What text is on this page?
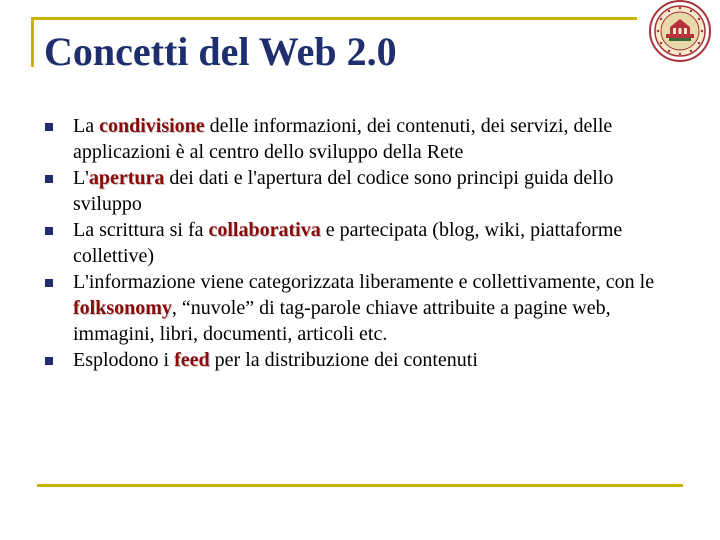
Concetti del Web 2.0
La condivisione delle informazioni, dei contenuti, dei servizi, delle applicazioni è al centro dello sviluppo della Rete
L'apertura dei dati e l'apertura del codice sono principi guida dello sviluppo
La scrittura si fa collaborativa e partecipata (blog, wiki, piattaforme collettive)
L'informazione viene categorizzata liberamente e collettivamente, con le folksonomy, “nuvole” di tag-parole chiave attribuite a pagine web, immagini, libri, documenti, articoli etc.
Esplodono i feed per la distribuzione dei contenuti
